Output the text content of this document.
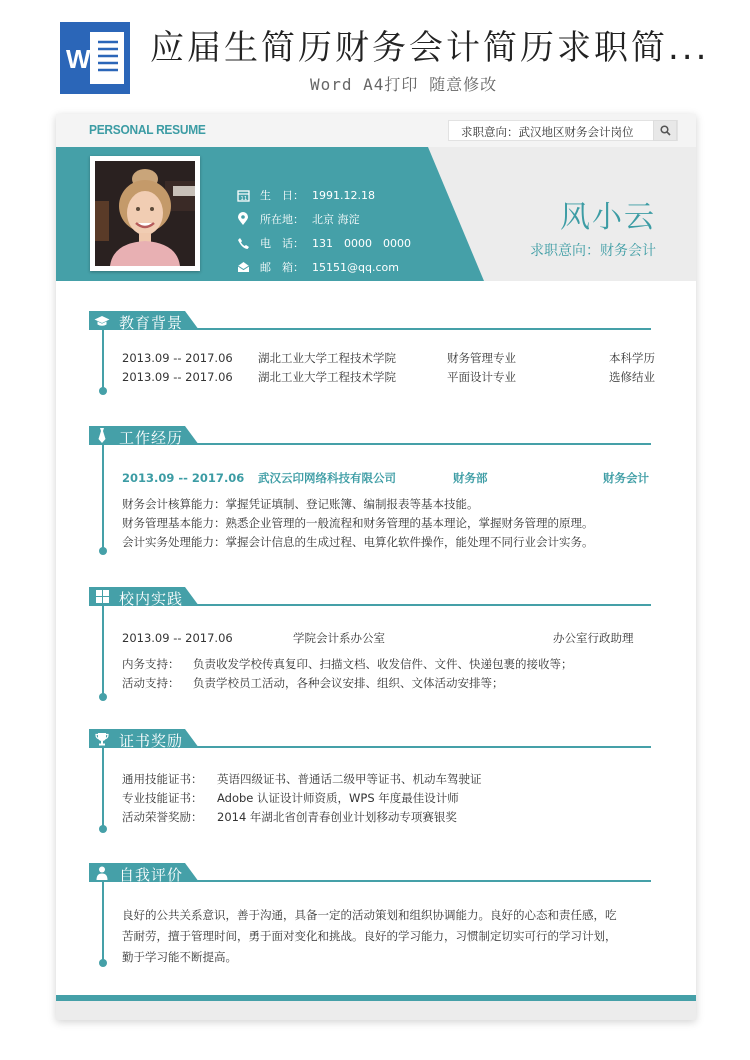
W 应届生简历财务会计简历求职简...
Word A4打印 随意修改
PERSONAL RESUME	求职意向：武汉地区财务会计岗位
11 生　日： 1991.12.18
所在地： 北京 海淀
电　话： 131　0000　0000
邮　箱： 15151@qq.com
风小云
求职意向：财务会计
教育背景
2013.09 -- 2017.06 湖北工业大学工程技术学院	财务管理专业	本科学历
2013.09 -- 2017.06 湖北工业大学工程技术学院	平面设计专业	选修结业
工作经历
2013.09 -- 2017.06 武汉云印网络科技有限公司	财务部	财务会计
财务会计核算能力：掌握凭证填制、登记账簿、编制报表等基本技能。
财务管理基本能力：熟悉企业管理的一般流程和财务管理的基本理论，掌握财务管理的原理。
会计实务处理能力：掌握会计信息的生成过程、电算化软件操作，能处理不同行业会计实务。
校内实践
2013.09 -- 2017.06	学院会计系办公室	办公室行政助理
内务支持： 负责收发学校传真复印、扫描文档、收发信件、文件、快递包裹的接收等；
活动支持： 负责学校员工活动，各种会议安排、组织、文体活动安排等；
证书奖励
通用技能证书： 英语四级证书、普通话二级甲等证书、机动车驾驶证
专业技能证书： Adobe 认证设计师资质，WPS 年度最佳设计师
活动荣誉奖励： 2014 年湖北省创青春创业计划移动专项赛银奖
自我评价
良好的公共关系意识，善于沟通，具备一定的活动策划和组织协调能力。良好的心态和责任感，吃
苦耐劳，擅于管理时间，勇于面对变化和挑战。良好的学习能力，习惯制定切实可行的学习计划，
勤于学习能不断提高。
